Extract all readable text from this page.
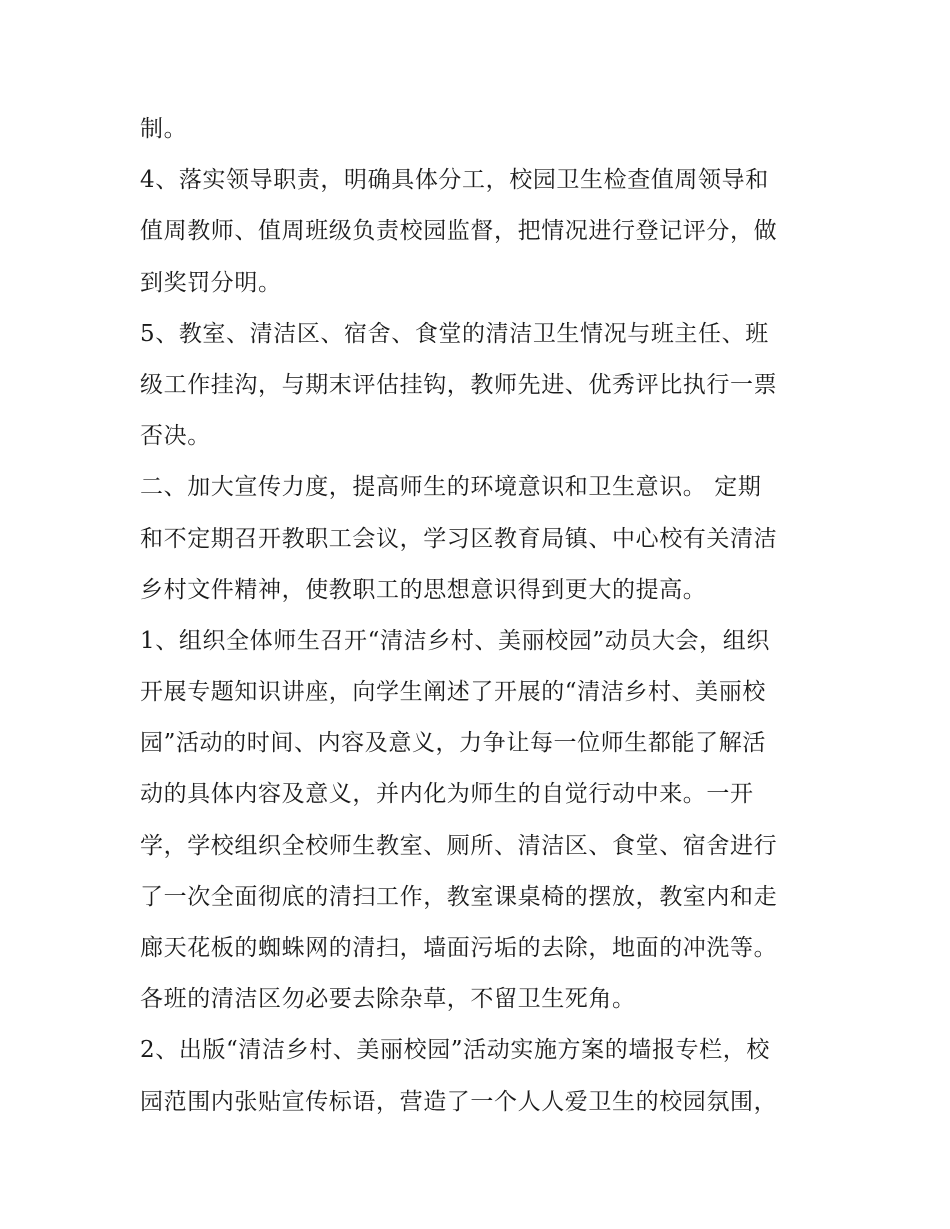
制。
4、落实领导职责，明确具体分工，校园卫生检查值周领导和
值周教师、值周班级负责校园监督，把情况进行登记评分，做
到奖罚分明。
5、教室、清洁区、宿舍、食堂的清洁卫生情况与班主任、班
级工作挂沟，与期末评估挂钩，教师先进、优秀评比执行一票
否决。
二、加大宣传力度，提高师生的环境意识和卫生意识。 定期
和不定期召开教职工会议，学习区教育局镇、中心校有关清洁
乡村文件精神，使教职工的思想意识得到更大的提高。
1、组织全体师生召开“清洁乡村、美丽校园”动员大会，组织
开展专题知识讲座，向学生阐述了开展的“清洁乡村、美丽校
园”活动的时间、内容及意义，力争让每一位师生都能了解活
动的具体内容及意义，并内化为师生的自觉行动中来。一开
学，学校组织全校师生教室、厕所、清洁区、食堂、宿舍进行
了一次全面彻底的清扫工作，教室课桌椅的摆放，教室内和走
廊天花板的蜘蛛网的清扫，墙面污垢的去除，地面的冲洗等。
各班的清洁区勿必要去除杂草，不留卫生死角。
2、出版“清洁乡村、美丽校园”活动实施方案的墙报专栏，校
园范围内张贴宣传标语，营造了一个人人爱卫生的校园氛围，
